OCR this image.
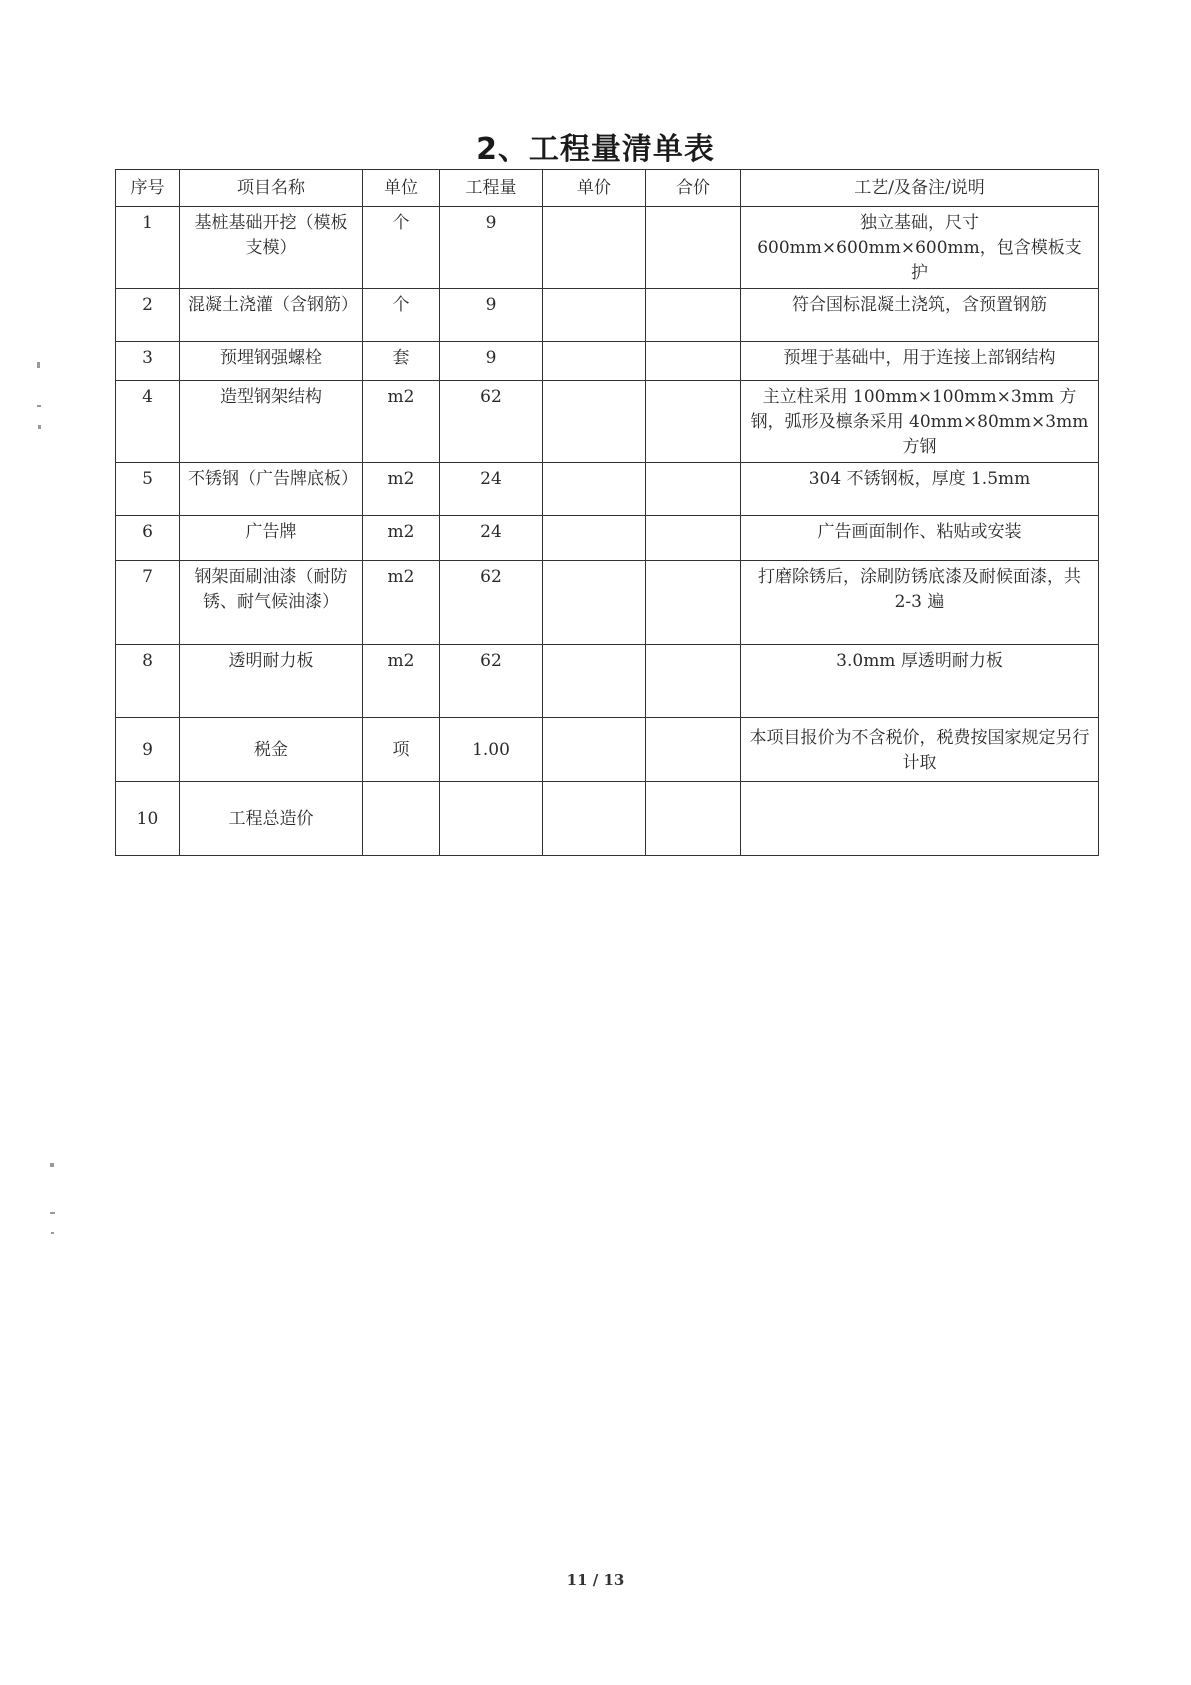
2、工程量清单表
序号	项目名称	单位	工程量	单价	合价	工艺/及备注/说明
1	基桩基础开挖（模板支模）	个	9			独立基础，尺寸 600mm×600mm×600mm，包含模板支护
2	混凝土浇灌（含钢筋）	个	9			符合国标混凝土浇筑，含预置钢筋
3	预埋钢强螺栓	套	9			预埋于基础中，用于连接上部钢结构
4	造型钢架结构	m2	62			主立柱采用 100mm×100mm×3mm 方钢，弧形及檩条采用 40mm×80mm×3mm 方钢
5	不锈钢（广告牌底板）	m2	24			304 不锈钢板，厚度 1.5mm
6	广告牌	m2	24			广告画面制作、粘贴或安装
7	钢架面刷油漆（耐防锈、耐气候油漆）	m2	62			打磨除锈后，涂刷防锈底漆及耐候面漆，共 2-3 遍
8	透明耐力板	m2	62			3.0mm 厚透明耐力板
9	税金	项	1.00			本项目报价为不含税价，税费按国家规定另行计取
10	工程总造价					
11 / 13
